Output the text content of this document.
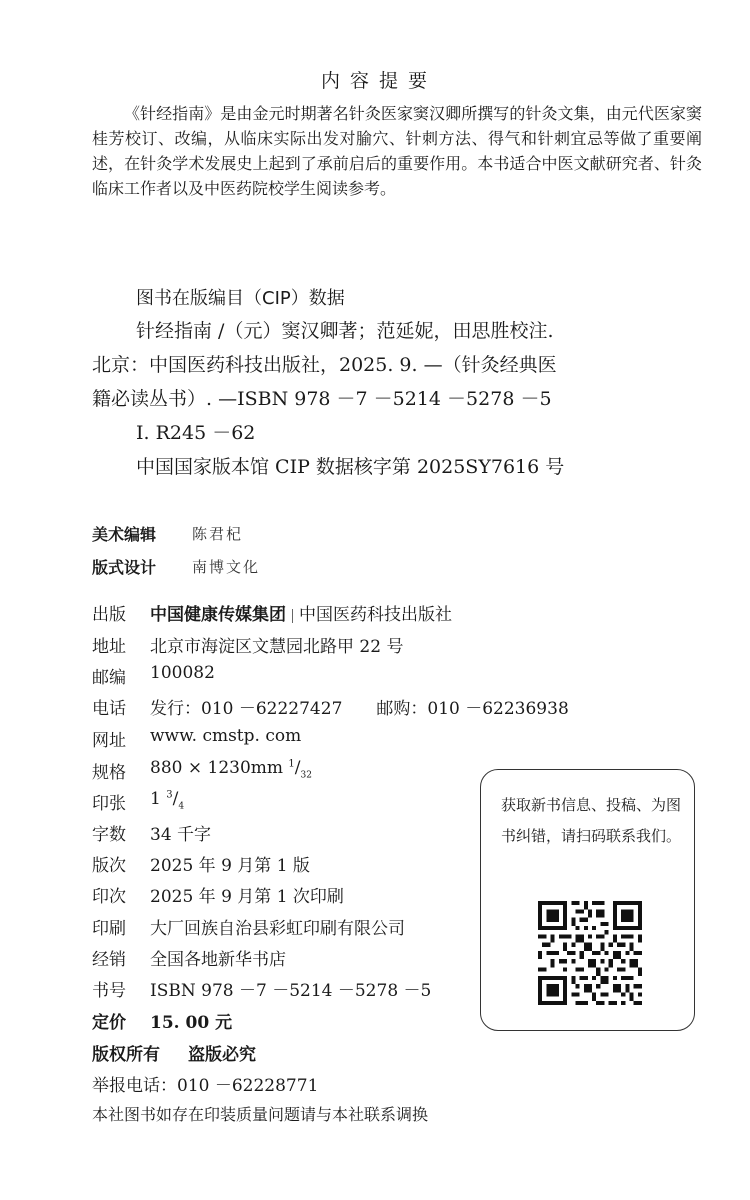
内 容 提 要
《针经指南》是由金元时期著名针灸医家窦汉卿所撰写的针灸文集，由元代医家窦桂芳校订、改编，从临床实际出发对腧穴、针刺方法、得气和针刺宜忌等做了重要阐述，在针灸学术发展史上起到了承前启后的重要作用。本书适合中医文献研究者、针灸临床工作者以及中医药院校学生阅读参考。
图书在版编目（CIP）数据
针经指南 /（元）窦汉卿著；范延妮，田思胜校注.
北京：中国医药科技出版社，2025. 9. —（针灸经典医
籍必读丛书）. —ISBN 978 －7 －5214 －5278 －5
Ⅰ. R245 －62
中国国家版本馆 CIP 数据核字第 2025SY7616 号
美术编辑 陈君杞
版式设计 南博文化
出版 中国健康传媒集团 中国医药科技出版社
地址 北京市海淀区文慧园北路甲 22 号
邮编 100082
电话 发行：010 －62227427　　邮购：010 －62236938
网址 www. cmstp. com
规格 880 × 1230mm $^1/_{32}$
印张 1 $^3/_4$
字数 34 千字
版次 2025 年 9 月第 1 版
印次 2025 年 9 月第 1 次印刷
印刷 大厂回族自治县彩虹印刷有限公司
经销 全国各地新华书店
书号 ISBN 978 －7 －5214 －5278 －5
定价 15. 00 元
版权所有 盗版必究
举报电话：010 －62228771
本社图书如存在印装质量问题请与本社联系调换
获取新书信息、投稿、为图书纠错，请扫码联系我们。
